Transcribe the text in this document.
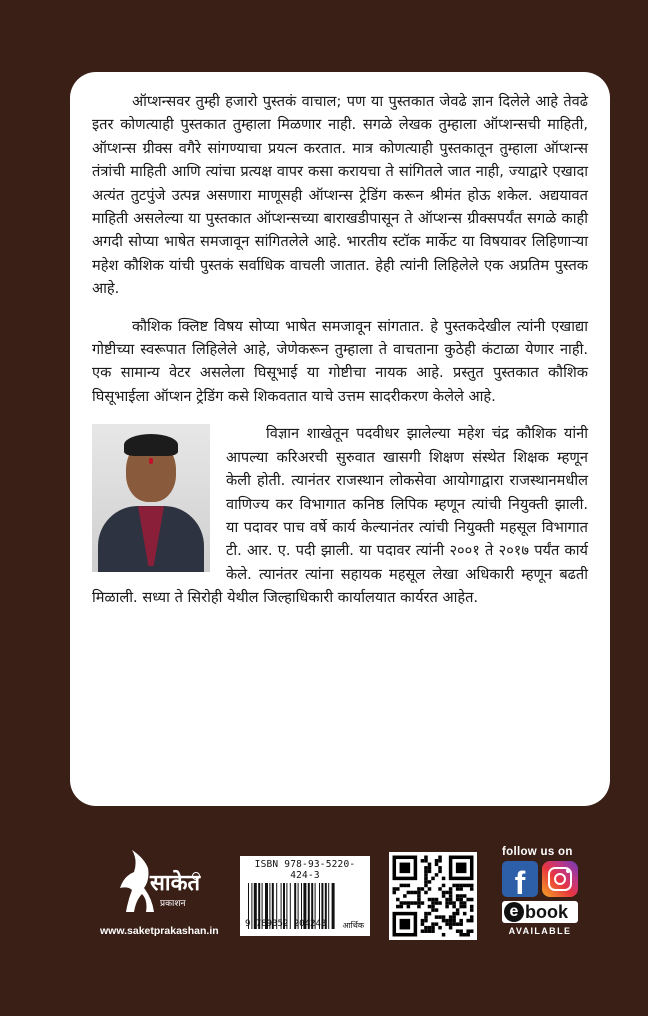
ऑप्शन्सवर तुम्ही हजारो पुस्तकं वाचाल; पण या पुस्तकात जेवढे ज्ञान दिलेले आहे तेवढे इतर कोणत्याही पुस्तकात तुम्हाला मिळणार नाही. सगळे लेखक तुम्हाला ऑप्शन्सची माहिती, ऑप्शन्स ग्रीक्स वगैरे सांगण्याचा प्रयत्न करतात. मात्र कोणत्याही पुस्तकातून तुम्हाला ऑप्शन्स तंत्रांची माहिती आणि त्यांचा प्रत्यक्ष वापर कसा करायचा ते सांगितले जात नाही, ज्याद्वारे एखादा अत्यंत तुटपुंजे उत्पन्न असणारा माणूसही ऑप्शन्स ट्रेडिंग करून श्रीमंत होऊ शकेल. अद्ययावत माहिती असलेल्या या पुस्तकात ऑप्शन्सच्या बाराखडीपासून ते ऑप्शन्स ग्रीक्सपर्यंत सगळे काही अगदी सोप्या भाषेत समजावून सांगितलेले आहे. भारतीय स्टॉक मार्केट या विषयावर लिहिणाऱ्या महेश कौशिक यांची पुस्तकं सर्वाधिक वाचली जातात. हेही त्यांनी लिहिलेले एक अप्रतिम पुस्तक आहे.

कौशिक क्लिष्ट विषय सोप्या भाषेत समजावून सांगतात. हे पुस्तकदेखील त्यांनी एखाद्या गोष्टीच्या स्वरूपात लिहिलेले आहे, जेणेकरून तुम्हाला ते वाचताना कुठेही कंटाळा येणार नाही. एक सामान्य वेटर असलेला घिसूभाई या गोष्टीचा नायक आहे. प्रस्तुत पुस्तकात कौशिक घिसूभाईला ऑप्शन ट्रेडिंग कसे शिकवतात याचे उत्तम सादरीकरण केलेले आहे.

विज्ञान शाखेतून पदवीधर झालेल्या महेश चंद्र कौशिक यांनी आपल्या करिअरची सुरुवात खासगी शिक्षण संस्थेत शिक्षक म्हणून केली होती. त्यानंतर राजस्थान लोकसेवा आयोगाद्वारा राजस्थानमधील वाणिज्य कर विभागात कनिष्ठ लिपिक म्हणून त्यांची नियुक्ती झाली. या पदावर पाच वर्षे कार्य केल्यानंतर त्यांची नियुक्ती महसूल विभागात टी. आर. ए. पदी झाली. या पदावर त्यांनी २००१ ते २०१७ पर्यंत कार्य केले. त्यानंतर त्यांना सहायक महसूल लेखा अधिकारी म्हणून बढती मिळाली. सध्या ते सिरोही येथील जिल्हाधिकारी कार्यालयात कार्यरत आहेत.

साकेत
प्रकाशन
www.saketprakashan.in
ISBN 978-93-5220-424-3
9 789352 204243 आर्थिक
follow us on
f
e book
AVAILABLE
